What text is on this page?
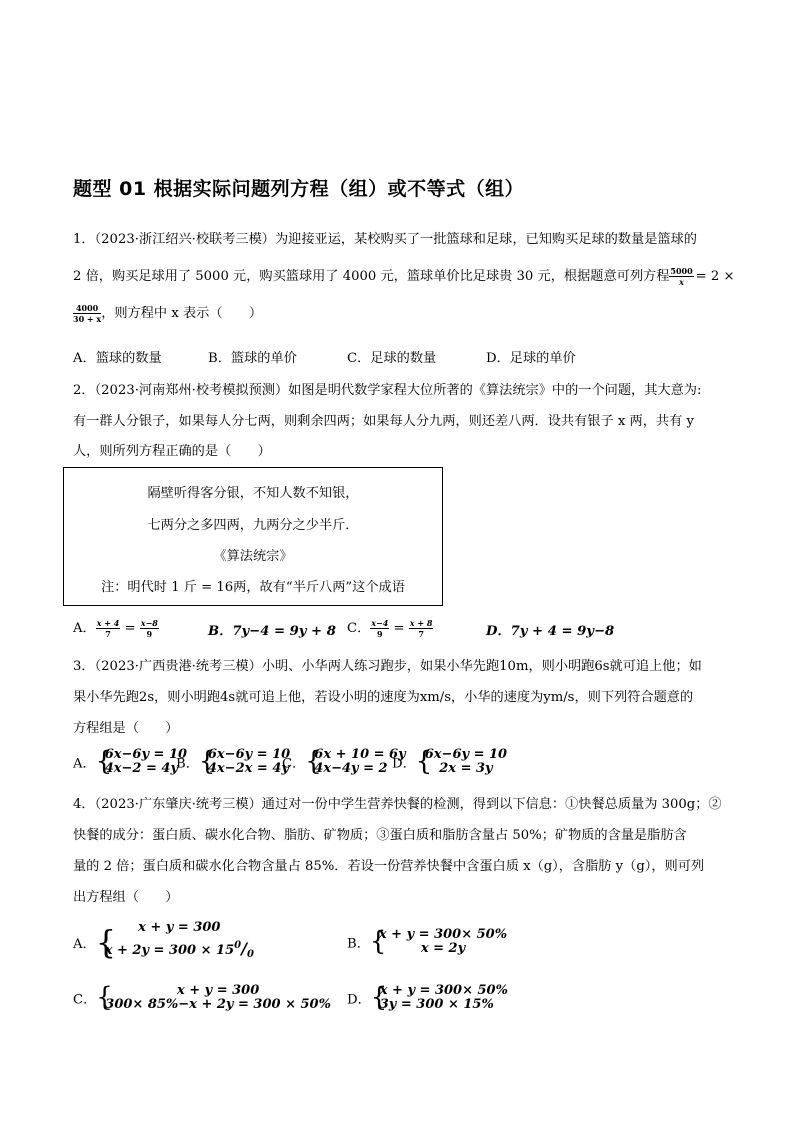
题型 01 根据实际问题列方程（组）或不等式（组）
1．（2023·浙江绍兴·校联考三模）为迎接亚运，某校购买了一批篮球和足球，已知购买足球的数量是篮球的
2 倍，购买足球用了 5000 元，购买篮球用了 4000 元，篮球单价比足球贵 30 元，根据题意可列方程 $\frac{5000}{x} = 2$ ×
$\frac{4000}{30 + x}$ ，则方程中 x 表示（　　）
A．篮球的数量	B．篮球的单价	C．足球的数量	D．足球的单价
2．（2023·河南郑州·校考模拟预测）如图是明代数学家程大位所著的《算法统宗》中的一个问题，其大意为:
有一群人分银子，如果每人分七两，则剩余四两；如果每人分九两，则还差八两．设共有银子 x 两，共有 y
人，则所列方程正确的是（　　）
隔壁听得客分银，不知人数不知银，
七两分之多四两，九两分之少半斤．
《算法统宗》
注：明代时 1 斤 = 16两，故有“半斤八两”这个成语
A． $\frac{x + 4}{7} = \frac{x-8}{9}$	B．7y−4 = 9y + 8 C． $\frac{x-4}{9} = \frac{x + 8}{7}$	D．7y + 4 = 9y−8
3．（2023·广西贵港·统考三模）小明、小华两人练习跑步，如果小华先跑10m，则小明跑6s就可追上他；如
果小华先跑2s，则小明跑4s就可追上他，若设小明的速度为xm/s，小华的速度为ym/s，则下列符合题意的
方程组是（　　）
A． {
6x−6y = 10
4x−2 = 4y
B． {
6x−6y = 10
4x−2x = 4y
C． {
6x + 10 = 6y
4x−4y = 2 D． {
6x−6y = 10
2x = 3y
4．（2023·广东肇庆·统考三模）通过对一份中学生营养快餐的检测，得到以下信息：①快餐总质量为 300g；②
快餐的成分：蛋白质、碳水化合物、脂肪、矿物质；③蛋白质和脂肪含量占 50%；矿物质的含量是脂肪含
量的 2 倍；蛋白质和碳水化合物含量占 85%．若设一份营养快餐中含蛋白质 x（g），含脂肪 y（g），则可列
出方程组（　　）
A． {	x + y = 300
$x + 2y = 300 \times 15^0/_0$
B． {
x + y = 300× 50%
x = 2y
C． {	x + y = 300
300× 85%−x + 2y = 300 × 50% D． {
x + y = 300× 50%
3y = 300 × 15%
